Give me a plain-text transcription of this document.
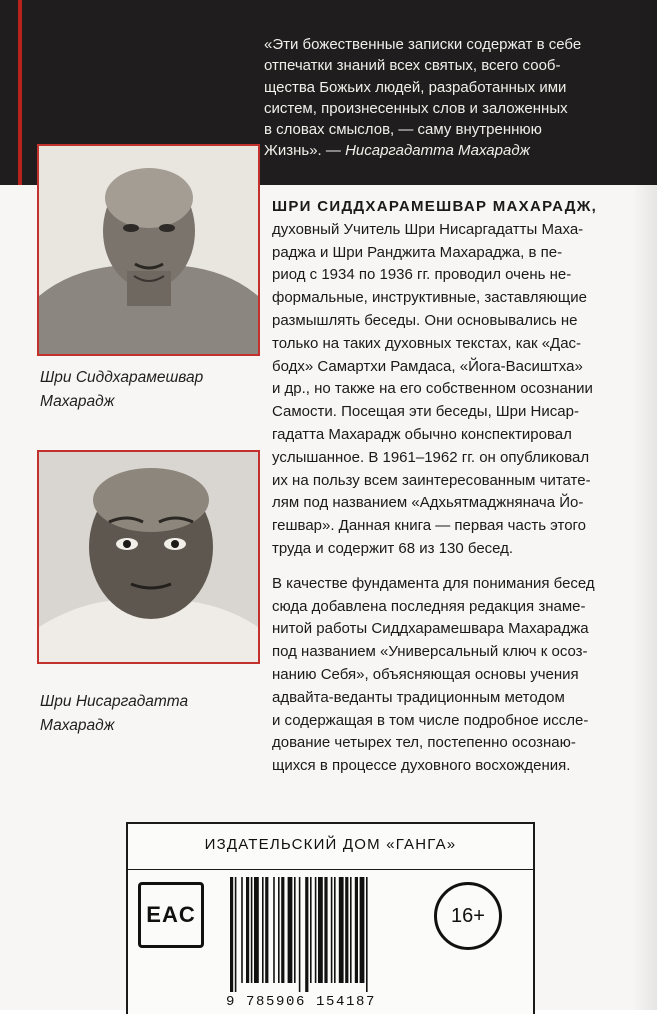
«Эти божественные записки содержат в себе
отпечатки знаний всех святых, всего сооб-
щества Божьих людей, разработанных ими
систем, произнесенных слов и заложенных
в словах смыслов, — саму внутреннюю
Жизнь». — Нисаргадатта Махарадж
Шри Сиддхарамешвар
Махарадж
Шри Нисаргадатта
Махарадж

ШРИ СИДДХАРАМЕШВАР МАХАРАДЖ,
духовный Учитель Шри Нисаргадатты Маха-
раджа и Шри Ранджита Махараджа, в пе-
риод с 1934 по 1936 гг. проводил очень не-
формальные, инструктивные, заставляющие
размышлять беседы. Они основывались не
только на таких духовных текстах, как «Дас-
бодх» Самартхи Рамдаса, «Йога-Васиштха»
и др., но также на его собственном осознании
Самости. Посещая эти беседы, Шри Нисар-
гадатта Махарадж обычно конспектировал
услышанное. В 1961–1962 гг. он опубликовал
их на пользу всем заинтересованным читате-
лям под названием «Адхьятмаджнянача Йо-
гешвар». Данная книга — первая часть этого
труда и содержит 68 из 130 бесед.

В качестве фундамента для понимания бесед
сюда добавлена последняя редакция знаме-
нитой работы Сиддхарамешвара Махараджа
под названием «Универсальный ключ к осоз-
нанию Себя», объясняющая основы учения
адвайта-веданты традиционным методом
и содержащая в том числе подробное иссле-
дование четырех тел, постепенно осознаю-
щихся в процессе духовного восхождения.

ИЗДАТЕЛЬСКИЙ ДОМ «ГАНГА»
EAC
9 785906 154187
16+
